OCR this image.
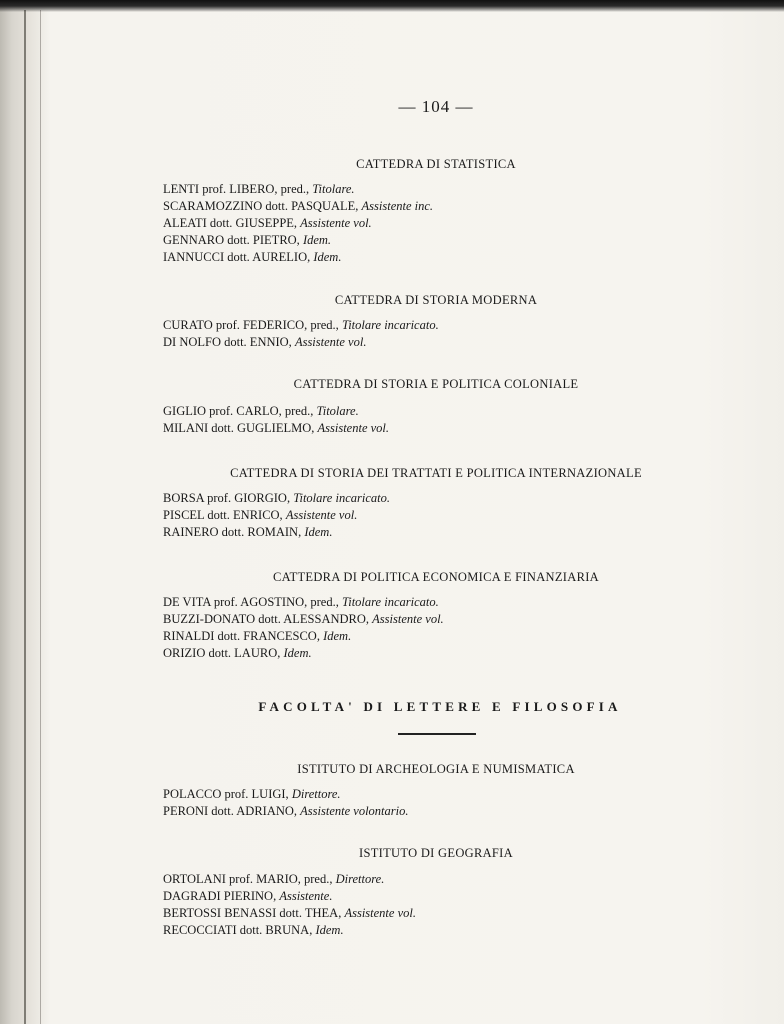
— 104 —
CATTEDRA DI STATISTICA
LENTI prof. LIBERO, pred., Titolare.
SCARAMOZZINO dott. PASQUALE, Assistente inc.
ALEATI dott. GIUSEPPE, Assistente vol.
GENNARO dott. PIETRO, Idem.
IANNUCCI dott. AURELIO, Idem.
CATTEDRA DI STORIA MODERNA
CURATO prof. FEDERICO, pred., Titolare incaricato.
DI NOLFO dott. ENNIO, Assistente vol.
CATTEDRA DI STORIA E POLITICA COLONIALE
GIGLIO prof. CARLO, pred., Titolare.
MILANI dott. GUGLIELMO, Assistente vol.
CATTEDRA DI STORIA DEI TRATTATI E POLITICA INTERNAZIONALE
BORSA prof. GIORGIO, Titolare incaricato.
PISCEL dott. ENRICO, Assistente vol.
RAINERO dott. ROMAIN, Idem.
CATTEDRA DI POLITICA ECONOMICA E FINANZIARIA
DE VITA prof. AGOSTINO, pred., Titolare incaricato.
BUZZI-DONATO dott. ALESSANDRO, Assistente vol.
RINALDI dott. FRANCESCO, Idem.
ORIZIO dott. LAURO, Idem.
FACOLTA' DI LETTERE E FILOSOFIA
ISTITUTO DI ARCHEOLOGIA E NUMISMATICA
POLACCO prof. LUIGI, Direttore.
PERONI dott. ADRIANO, Assistente volontario.
ISTITUTO DI GEOGRAFIA
ORTOLANI prof. MARIO, pred., Direttore.
DAGRADI PIERINO, Assistente.
BERTOSSI BENASSI dott. THEA, Assistente vol.
RECOCCIATI dott. BRUNA, Idem.
